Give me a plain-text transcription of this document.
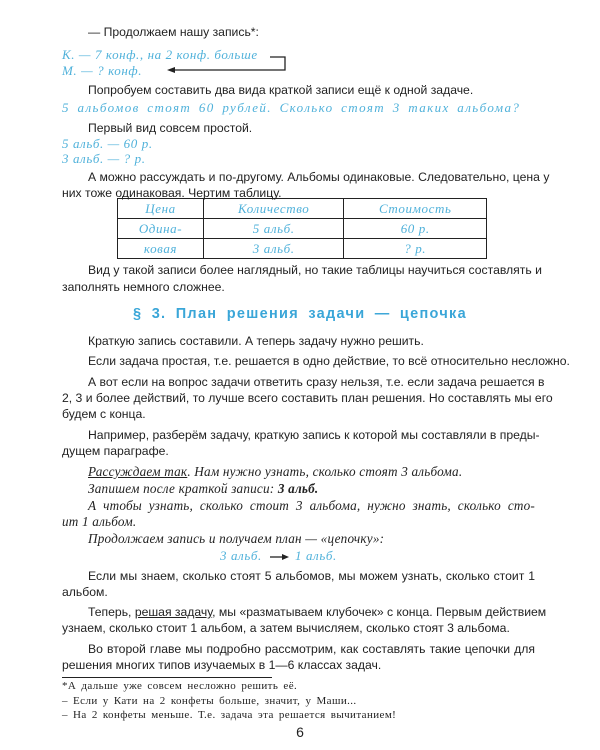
— Продолжаем нашу запись*:
К. — 7 конф., на 2 конф. больше
М. — ? конф.
Попробуем составить два вида краткой записи ещё к одной задаче.
5 альбомов стоят 60 рублей. Сколько стоят 3 таких альбома?
Первый вид совсем простой.
5 альб. — 60 р.
3 альб. — ? р.
А можно рассуждать и по-другому. Альбомы одинаковые. Следовательно, цена у
них тоже одинаковая. Чертим таблицу.
Цена	Количество	Стоимость
Одина-	5 альб.	60 р.
ковая	3 альб.	? р.
Вид у такой записи более наглядный, но такие таблицы научиться составлять и
заполнять немного сложнее.
§ 3. План решения задачи — цепочка
Краткую запись составили. А теперь задачу нужно решить.
Если задача простая, т.е. решается в одно действие, то всё относительно несложно.
А вот если на вопрос задачи ответить сразу нельзя, т.е. если задача решается в
2, 3 и более действий, то лучше всего составить план решения. Но составлять мы его
будем с конца.
Например, разберём задачу, краткую запись к которой мы составляли в преды-
дущем параграфе.
Рассуждаем так. Нам нужно узнать, сколько стоят 3 альбома.
Запишем после краткой записи: 3 альб.
А чтобы узнать, сколько стоит 3 альбома, нужно знать, сколько сто-
ит 1 альбом.
Продолжаем запись и получаем план — «цепочку»:
3 альб.	1 альб.
Если мы знаем, сколько стоят 5 альбомов, мы можем узнать, сколько стоит 1
альбом.
Теперь, решая задачу, мы «разматываем клубочек» с конца. Первым действием
узнаем, сколько стоит 1 альбом, а затем вычисляем, сколько стоят 3 альбома.
Во второй главе мы подробно рассмотрим, как составлять такие цепочки для
решения многих типов изучаемых в 1—6 классах задач.
*А дальше уже совсем несложно решить её.
– Если у Кати на 2 конфеты больше, значит, у Маши...
– На 2 конфеты меньше. Т.е. задача эта решается вычитанием!
6
